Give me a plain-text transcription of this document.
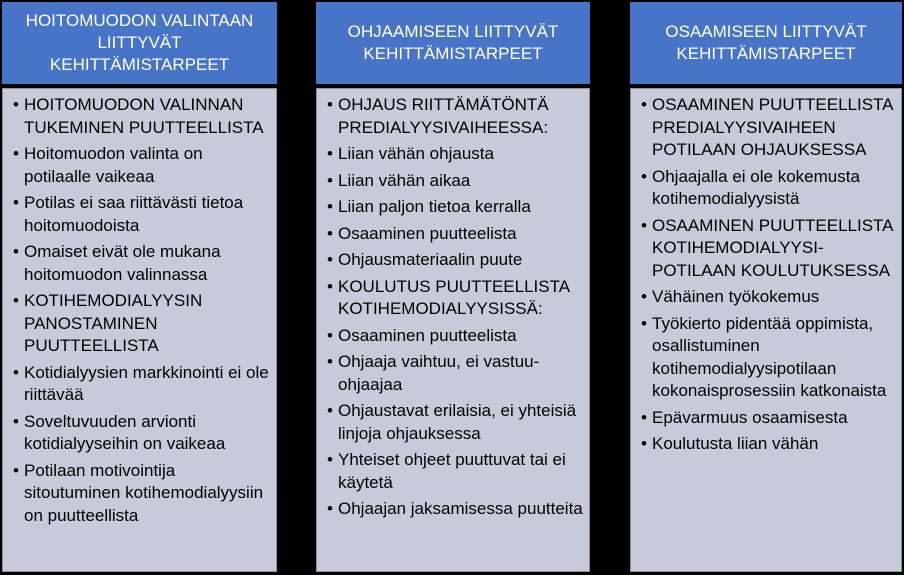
HOITOMUODON VALINTAAN LIITTYVÄT KEHITTÄMISTARPEET
• HOITOMUODON VALINNAN TUKEMINEN PUUTTEELLISTA
• Hoitomuodon valinta on potilaalle vaikeaa
• Potilas ei saa riittävästi tietoa hoitomuodoista
• Omaiset eivät ole mukana hoitomuodon valinnassa
• KOTIHEMODIALYYSIN PANOSTAMINEN PUUTTEELLISTA
• Kotidialyysien markkinointi ei ole riittävää
• Soveltuvuuden arvionti kotidialyyseihin on vaikeaa
• Potilaan motivointija sitoutuminen kotihemodialyysiin on puutteellista
OHJAAMISEEN LIITTYVÄT KEHITTÄMISTARPEET
• OHJAUS RIITTÄMÄTÖNTÄ PREDIALYYSIVAIHEESSA:
• Liian vähän ohjausta
• Liian vähän aikaa
• Liian paljon tietoa kerralla
• Osaaminen puutteelista
• Ohjausmateriaalin puute
• KOULUTUS PUUTTEELLISTA KOTIHEMODIALYYSISSÄ:
• Osaaminen puutteelista
• Ohjaaja vaihtuu, ei vastuu-ohjaajaa
• Ohjaustavat erilaisia, ei yhteisiä linjoja ohjauksessa
• Yhteiset ohjeet puuttuvat tai ei käytetä
• Ohjaajan jaksamisessa puutteita
OSAAMISEEN LIITTYVÄT KEHITTÄMISTARPEET
• OSAAMINEN PUUTTEELLISTA PREDIALYYSIVAIHEEN POTILAAN OHJAUKSESSA
• Ohjaajalla ei ole kokemusta kotihemodialyysistä
• OSAAMINEN PUUTTEELLISTA KOTIHEMODIALYYSI-POTILAAN KOULUTUKSESSA
• Vähäinen työkokemus
• Työkierto pidentää oppimista, osallistuminen kotihemodialyysipotilaan kokonaisprosessiin katkonaista
• Epävarmuus osaamisesta
• Koulutusta liian vähän
